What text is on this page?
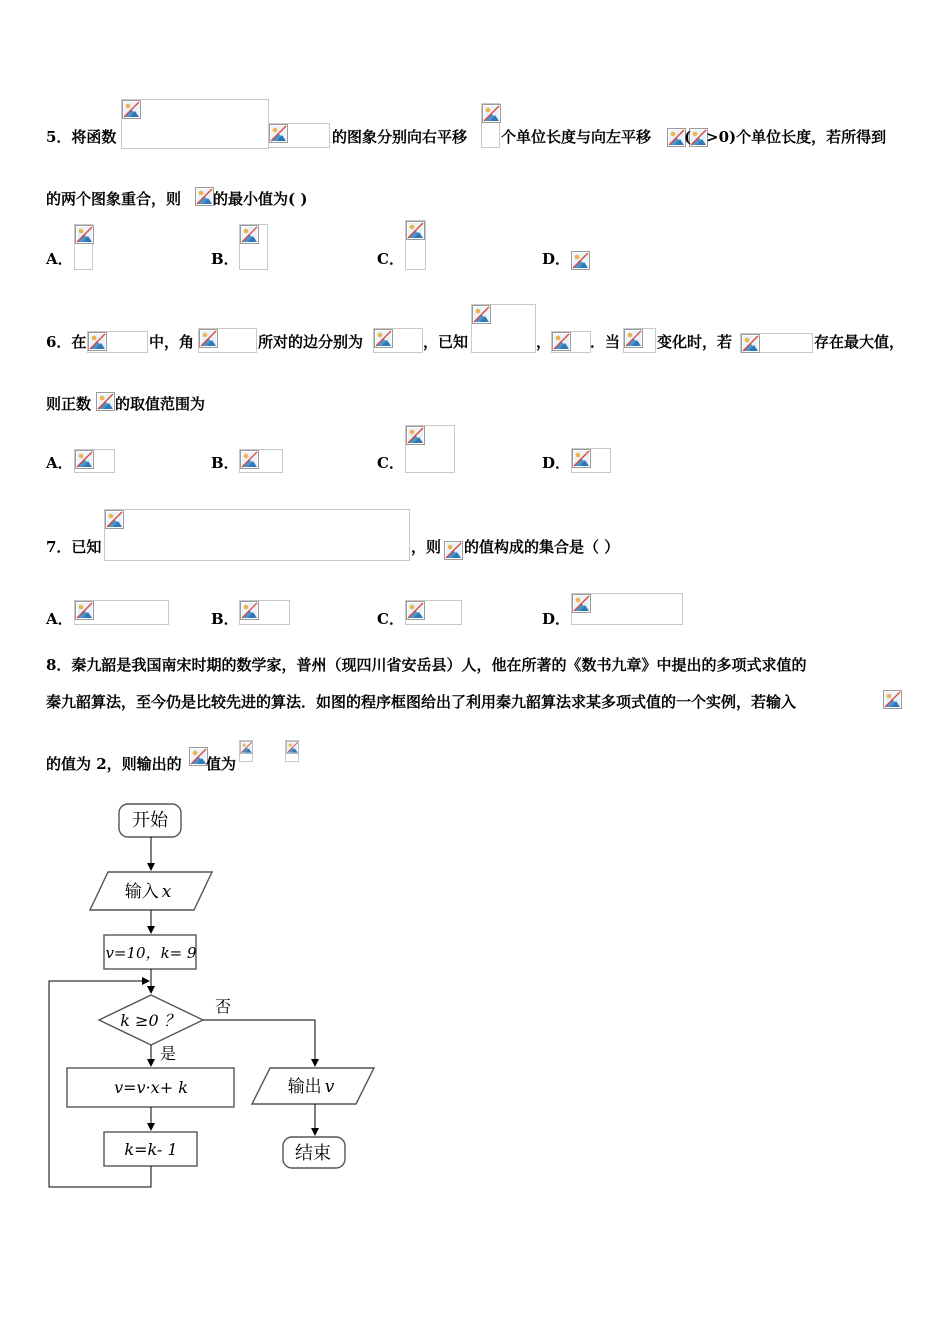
5．将函数	的图象分别向右平移 个单位长度与向左平移 ( >0)个单位长度，若所得到
的两个图象重合，则 的最小值为( )
A．	B．	C．	D．
6．在	中，角	所对的边分别为	，已知	，	．当 变化时，若	存在最大值，
则正数 的取值范围为
A．	B．	C．	D．
7．已知	，则 的值构成的集合是（ ）
A．	B．	C．	D．
8．秦九韶是我国南宋时期的数学家，普州（现四川省安岳县）人，他在所著的《数书九章》中提出的多项式求值的
秦九韶算法，至今仍是比较先进的算法．如图的程序框图给出了利用秦九韶算法求某多项式值的一个实例，若输入
的值为 2，则输出的 值为
开始
输入 x
v=10，k= 9
k ≥0 ？
否
是
v=v·x+ k
k=k- 1
输出 v
结束
